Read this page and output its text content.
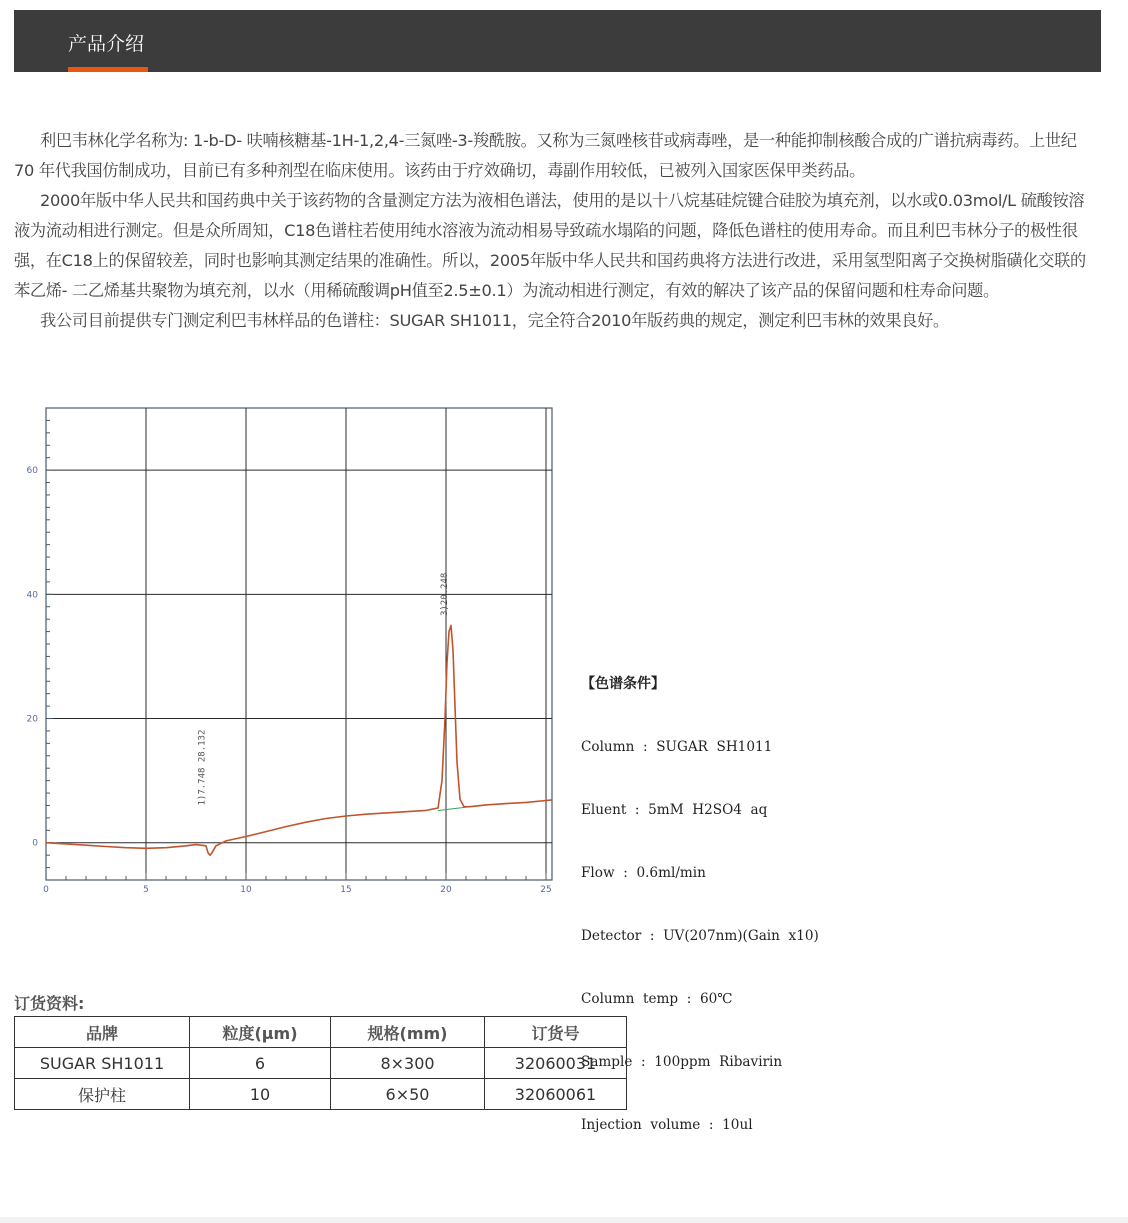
产品介绍

利巴韦林化学名称为: 1-b-D- 呋喃核糖基-1H-1,2,4-三氮唑-3-羧酰胺。又称为三氮唑核苷或病毒唑，是一种能抑制核酸合成的广谱抗病毒药。上世纪70 年代我国仿制成功，目前已有多种剂型在临床使用。该药由于疗效确切，毒副作用较低，已被列入国家医保甲类药品。

2000年版中华人民共和国药典中关于该药物的含量测定方法为液相色谱法，使用的是以十八烷基硅烷键合硅胶为填充剂，以水或0.03mol/L 硫酸铵溶液为流动相进行测定。但是众所周知，C18色谱柱若使用纯水溶液为流动相易导致疏水塌陷的问题，降低色谱柱的使用寿命。而且利巴韦林分子的极性很强，在C18上的保留较差，同时也影响其测定结果的准确性。所以，2005年版中华人民共和国药典将方法进行改进，采用氢型阳离子交换树脂磺化交联的苯乙烯- 二乙烯基共聚物为填充剂，以水（用稀硫酸调pH值至2.5±0.1）为流动相进行测定，有效的解决了该产品的保留问题和柱寿命问题。

我公司目前提供专门测定利巴韦林样品的色谱柱：SUGAR SH1011，完全符合2010年版药典的规定，测定利巴韦林的效果良好。

0	5	10	15	20	25
0
20
40
60
1)7.748 28.132
3)20.248

【色谱条件】

Column  :  SUGAR  SH1011

Eluent  :  5mM  H2SO4  aq

Flow  :  0.6ml/min

Detector  :  UV(207nm)(Gain  x10)

Column  temp  :  60℃

Sample  :  100ppm  Ribavirin

Injection  volume  :  10ul

订货资料:
品牌	粒度(μm)	规格(mm)	订货号
SUGAR SH1011	6	8×300	32060031
保护柱	10	6×50	32060061
